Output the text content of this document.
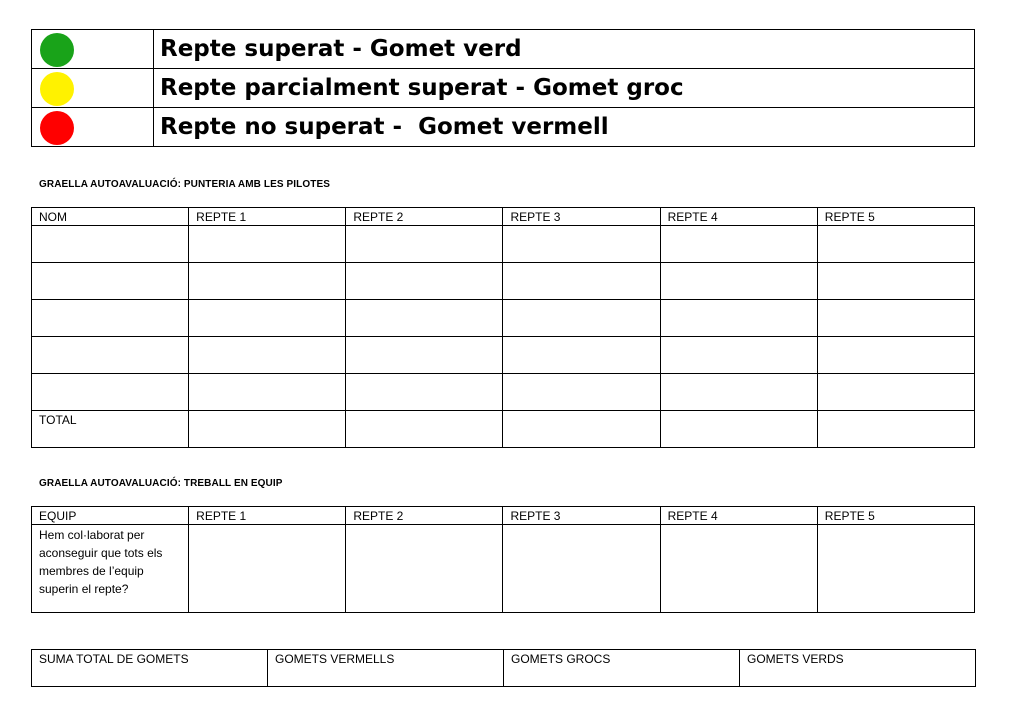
	Repte superat - Gomet verd

	Repte parcialment superat - Gomet groc

	Repte no superat -  Gomet vermell
GRAELLA AUTOAVALUACIÓ: PUNTERIA AMB LES PILOTES
NOM	REPTE 1	REPTE 2	REPTE 3	REPTE 4	REPTE 5

TOTAL					
GRAELLA AUTOAVALUACIÓ: TREBALL EN EQUIP
EQUIP	REPTE 1	REPTE 2	REPTE 3	REPTE 4	REPTE 5

Hem col·laborat per
aconseguir que tots els
membres de l’equip
superin el repte?					

SUMA TOTAL DE GOMETS	GOMETS VERMELLS	GOMETS GROCS	GOMETS VERDS
